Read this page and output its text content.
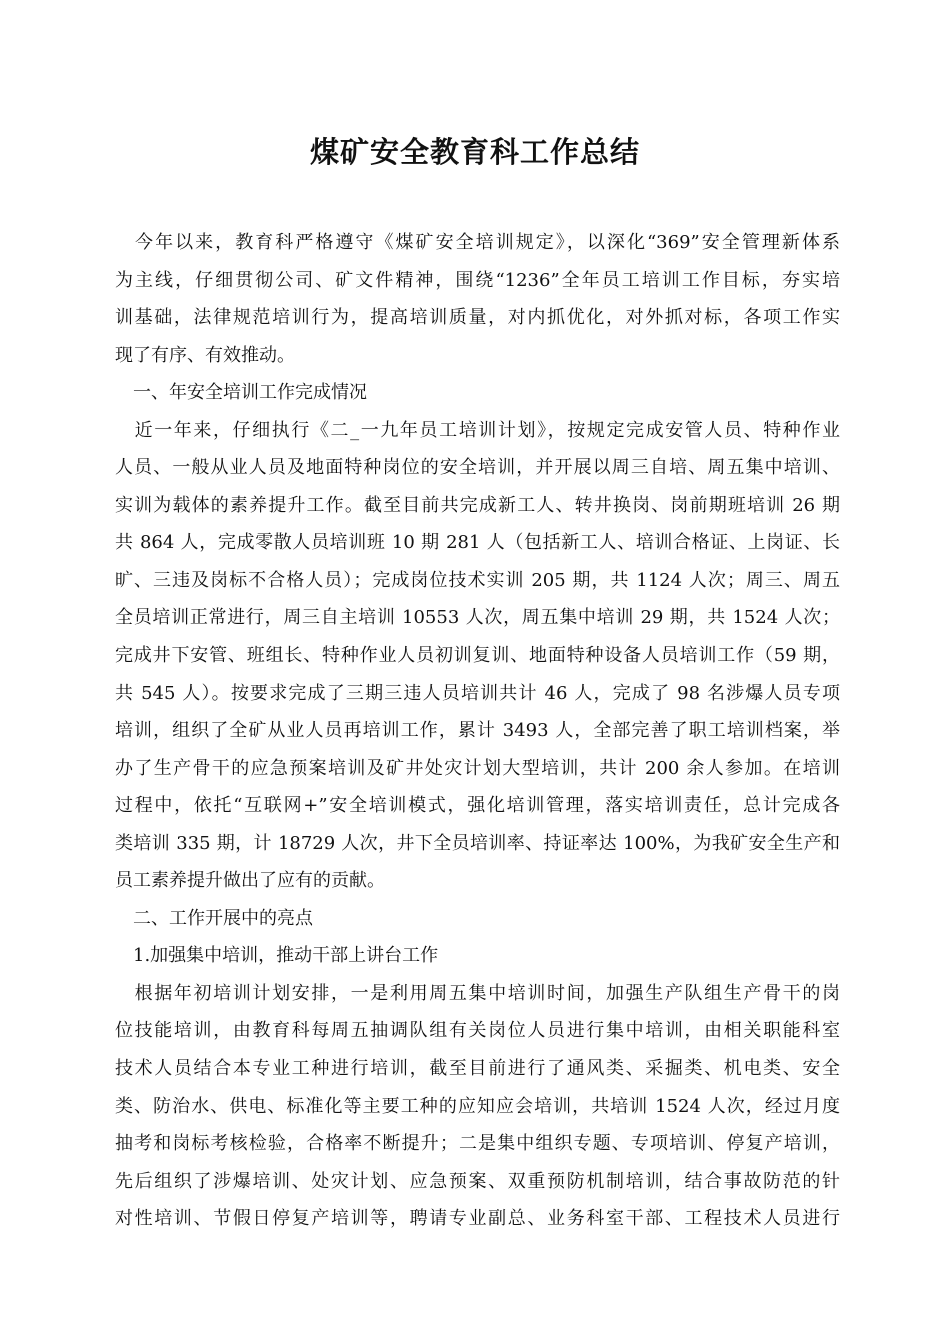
煤矿安全教育科工作总结
　今年以来，教育科严格遵守《煤矿安全培训规定》，以深化“369”安全管理新体系
为主线，仔细贯彻公司、矿文件精神，围绕“1236”全年员工培训工作目标，夯实培
训基础，法律规范培训行为，提高培训质量，对内抓优化，对外抓对标，各项工作实
现了有序、有效推动。
　一、年安全培训工作完成情况
　近一年来，仔细执行《二_一九年员工培训计划》，按规定完成安管人员、特种作业
人员、一般从业人员及地面特种岗位的安全培训，并开展以周三自培、周五集中培训、
实训为载体的素养提升工作。截至目前共完成新工人、转井换岗、岗前期班培训 26 期
共 864 人，完成零散人员培训班 10 期 281 人（包括新工人、培训合格证、上岗证、长
旷、三违及岗标不合格人员）；完成岗位技术实训 205 期，共 1124 人次；周三、周五
全员培训正常进行，周三自主培训 10553 人次，周五集中培训 29 期，共 1524 人次；
完成井下安管、班组长、特种作业人员初训复训、地面特种设备人员培训工作（59 期，
共 545 人）。按要求完成了三期三违人员培训共计 46 人，完成了 98 名涉爆人员专项
培训，组织了全矿从业人员再培训工作，累计 3493 人，全部完善了职工培训档案，举
办了生产骨干的应急预案培训及矿井处灾计划大型培训，共计 200 余人参加。在培训
过程中，依托“互联网+”安全培训模式，强化培训管理，落实培训责任，总计完成各
类培训 335 期，计 18729 人次，井下全员培训率、持证率达 100%，为我矿安全生产和
员工素养提升做出了应有的贡献。
　二、工作开展中的亮点
　1.加强集中培训，推动干部上讲台工作
　根据年初培训计划安排，一是利用周五集中培训时间，加强生产队组生产骨干的岗
位技能培训，由教育科每周五抽调队组有关岗位人员进行集中培训，由相关职能科室
技术人员结合本专业工种进行培训，截至目前进行了通风类、采掘类、机电类、安全
类、防治水、供电、标准化等主要工种的应知应会培训，共培训 1524 人次，经过月度
抽考和岗标考核检验，合格率不断提升；二是集中组织专题、专项培训、停复产培训，
先后组织了涉爆培训、处灾计划、应急预案、双重预防机制培训，结合事故防范的针
对性培训、节假日停复产培训等，聘请专业副总、业务科室干部、工程技术人员进行
